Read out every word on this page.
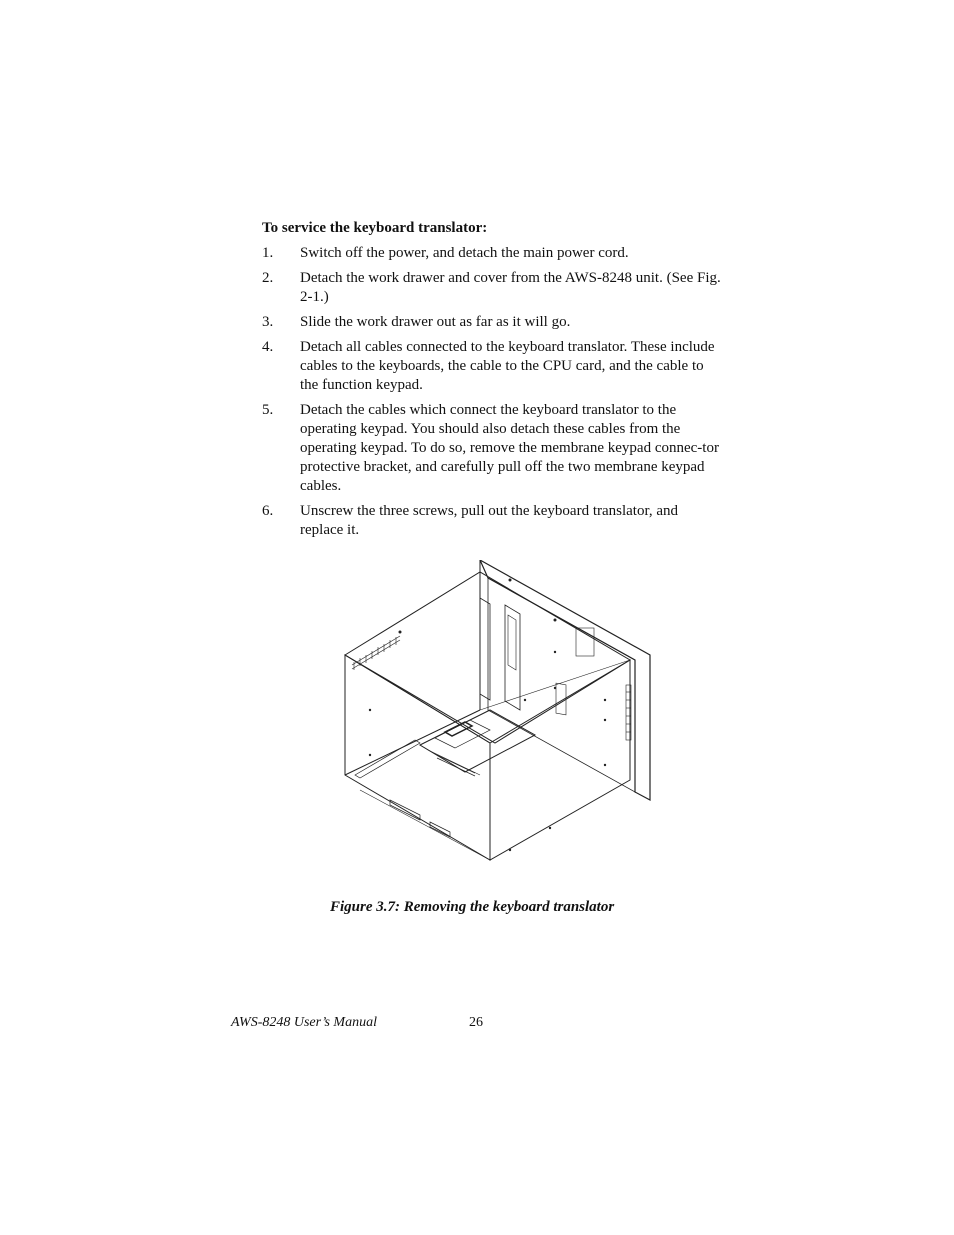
To service the keyboard translator:
1. Switch off the power, and detach the main power cord.
2. Detach the work drawer and cover from the AWS-8248 unit. (See Fig. 2-1.)
3. Slide the work drawer out as far as it will go.
4. Detach all cables connected to the keyboard translator. These include cables to the keyboards, the cable to the CPU card, and the cable to the function keypad.
5. Detach the cables which connect the keyboard translator to the operating keypad. You should also detach these cables from the operating keypad. To do so, remove the membrane keypad connec-tor protective bracket, and carefully pull off the two membrane keypad cables.
6. Unscrew the three screws, pull out the keyboard translator, and replace it.
Figure 3.7: Removing the keyboard translator
AWS-8248 User’s Manual	26
